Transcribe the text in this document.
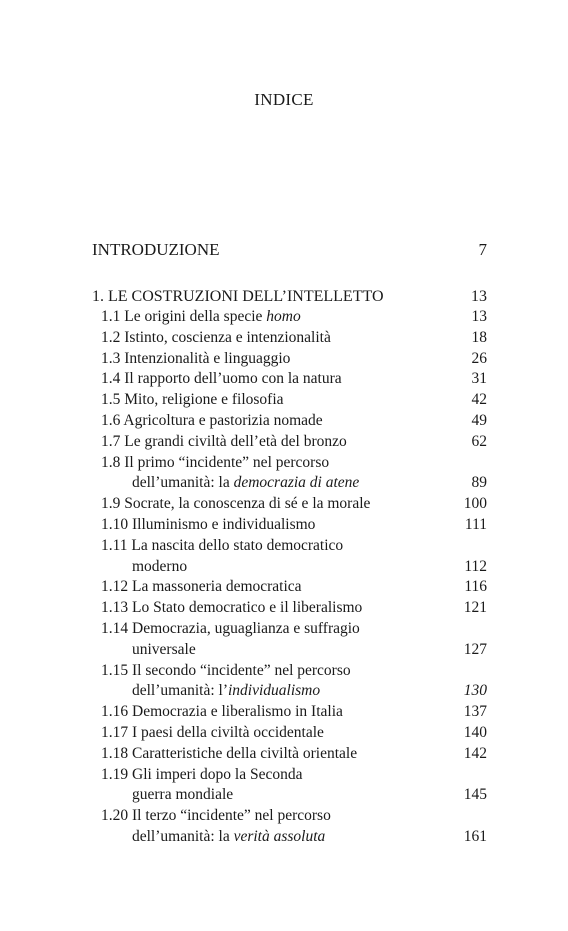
INDICE
INTRODUZIONE	7
1. LE COSTRUZIONI DELL’INTELLETTO	13
1.1 Le origini della specie homo	13
1.2 Istinto, coscienza e intenzionalità	18
1.3 Intenzionalità e linguaggio	26
1.4 Il rapporto dell’uomo con la natura	31
1.5 Mito, religione e filosofia	42
1.6 Agricoltura e pastorizia nomade	49
1.7 Le grandi civiltà dell’età del bronzo	62
1.8 Il primo “incidente” nel percorso
dell’umanità: la democrazia di atene	89
1.9 Socrate, la conoscenza di sé e la morale	100
1.10 Illuminismo e individualismo	111
1.11 La nascita dello stato democratico
moderno	112
1.12 La massoneria democratica	116
1.13 Lo Stato democratico e il liberalismo	121
1.14 Democrazia, uguaglianza e suffragio
universale	127
1.15 Il secondo “incidente” nel percorso
dell’umanità: l’individualismo	130
1.16 Democrazia e liberalismo in Italia	137
1.17 I paesi della civiltà occidentale	140
1.18 Caratteristiche della civiltà orientale	142
1.19 Gli imperi dopo la Seconda
guerra mondiale	145
1.20 Il terzo “incidente” nel percorso
dell’umanità: la verità assoluta	161
